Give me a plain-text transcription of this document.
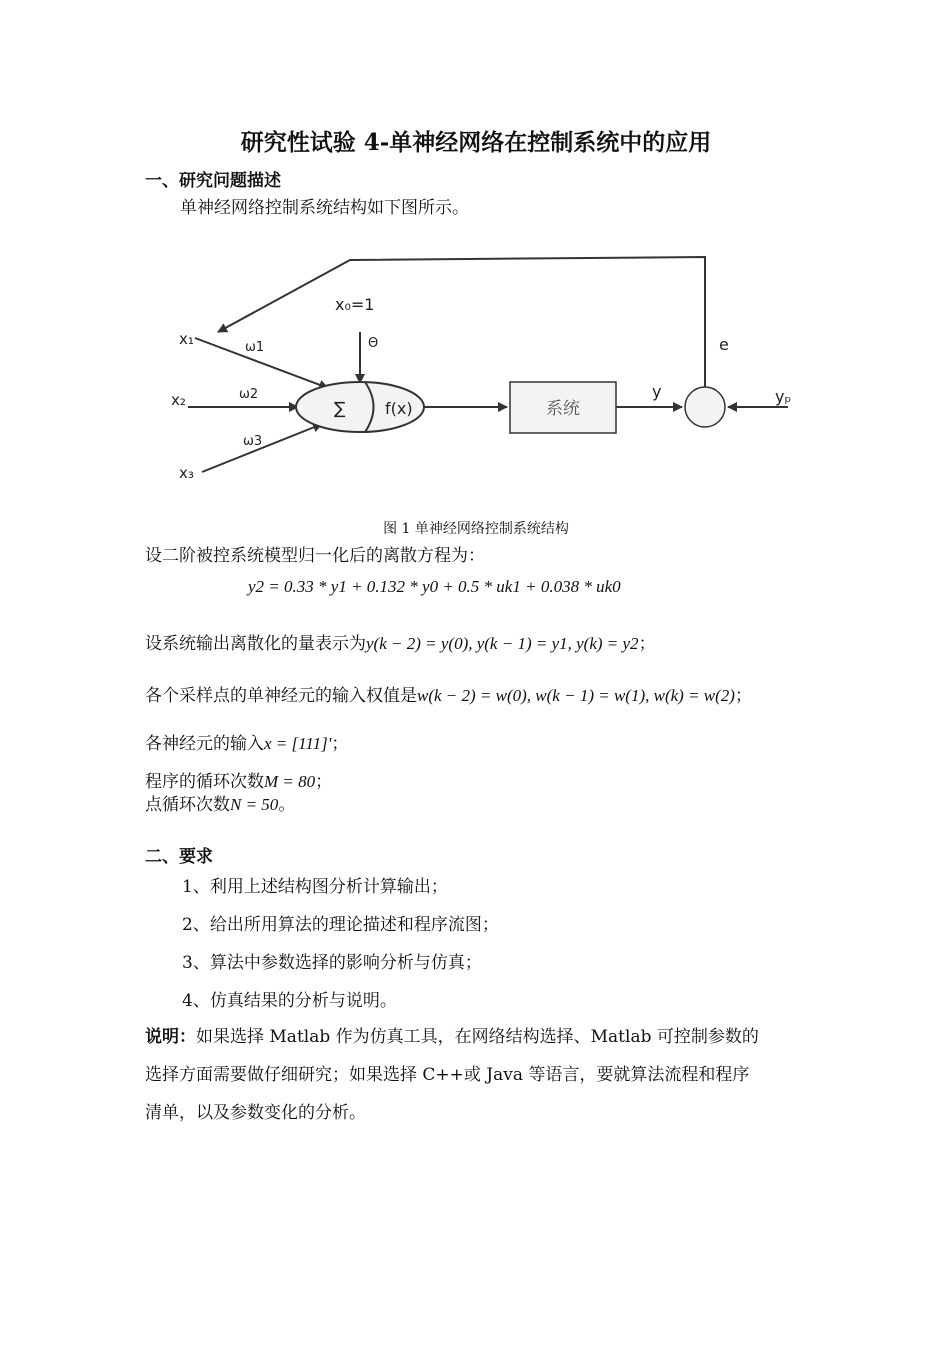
研究性试验 4-单神经网络在控制系统中的应用
一、研究问题描述
单神经网络控制系统结构如下图所示。
x₀=1
Θ
x₁
x₂
x₃
ω1
ω2
ω3
∑ f(x)	系统
y
e
yₚ
图 1 单神经网络控制系统结构
设二阶被控系统模型归一化后的离散方程为：
y2 = 0.33 * y1 + 0.132 * y0 + 0.5 * uk1 + 0.038 * uk0
设系统输出离散化的量表示为y(k − 2) = y(0), y(k − 1) = y1, y(k) = y2；
各个采样点的单神经元的输入权值是w(k − 2) = w(0), w(k − 1) = w(1), w(k) = w(2)；
各神经元的输入x = [111]'；
程序的循环次数M = 80；
点循环次数N = 50。
二、要求
1、利用上述结构图分析计算输出；
2、给出所用算法的理论描述和程序流图；
3、算法中参数选择的影响分析与仿真；
4、仿真结果的分析与说明。
说明：如果选择 Matlab 作为仿真工具，在网络结构选择、Matlab 可控制参数的
选择方面需要做仔细研究；如果选择 C++或 Java 等语言，要就算法流程和程序
清单，以及参数变化的分析。
